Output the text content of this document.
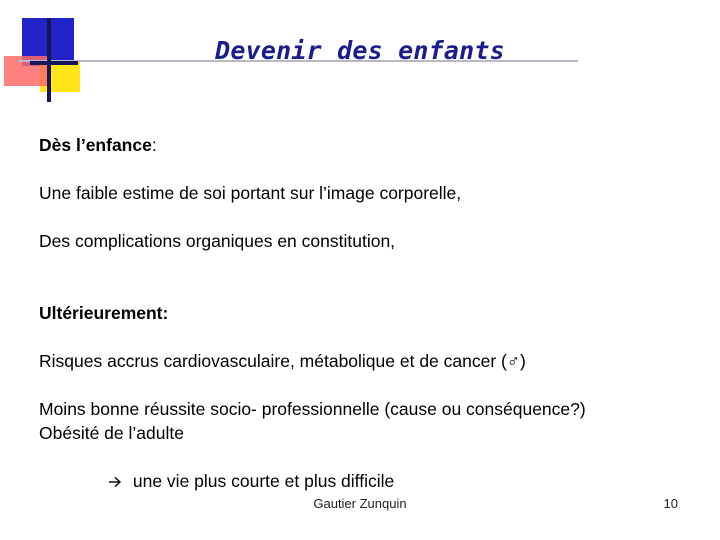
Devenir des enfants
Dès l’enfance:
Une faible estime de soi portant sur l’image corporelle,
Des complications organiques en constitution,
Ultérieurement:
Risques accrus cardiovasculaire, métabolique et de cancer (♂)
Moins bonne réussite socio- professionnelle (cause ou conséquence?)
Obésité de l’adulte
une vie plus courte et plus difficile
Gautier Zunquin	10
